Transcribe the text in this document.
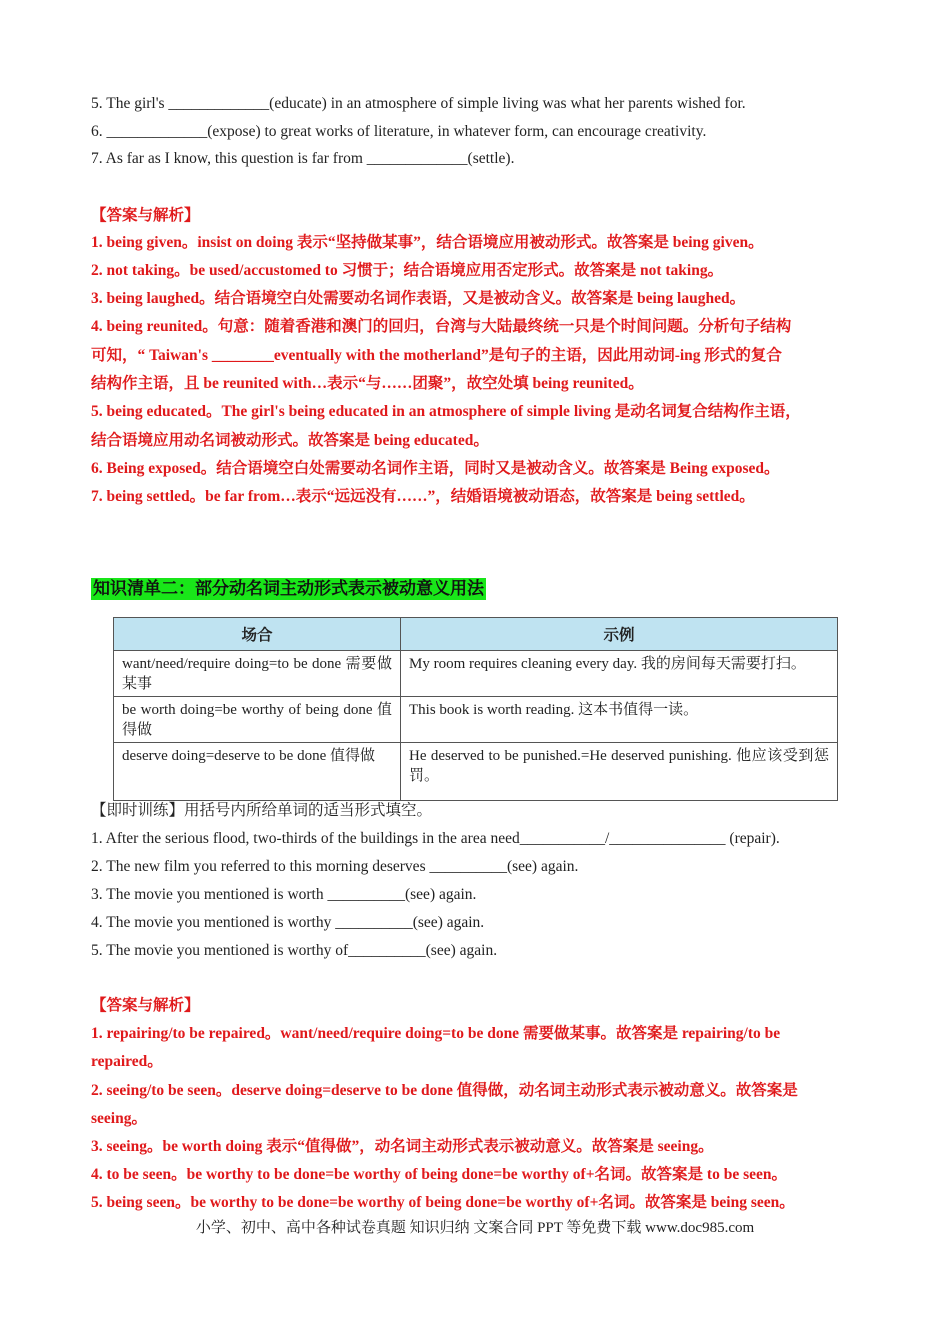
5. The girl's _____________(educate) in an atmosphere of simple living was what her parents wished for.
6. _____________(expose) to great works of literature, in whatever form, can encourage creativity.
7. As far as I know, this question is far from _____________(settle).
【答案与解析】
1. being given。insist on doing 表示“坚持做某事”，结合语境应用被动形式。故答案是 being given。
2. not taking。be used/accustomed to 习惯于；结合语境应用否定形式。故答案是 not taking。
3. being laughed。结合语境空白处需要动名词作表语，又是被动含义。故答案是 being laughed。
4. being reunited。句意：随着香港和澳门的回归，台湾与大陆最终统一只是个时间问题。分析句子结构
可知，“ Taiwan's ________eventually with the motherland”是句子的主语，因此用动词-ing 形式的复合
结构作主语，且 be reunited with…表示“与……团聚”，故空处填 being reunited。
5. being educated。The girl's being educated in an atmosphere of simple living 是动名词复合结构作主语，
结合语境应用动名词被动形式。故答案是 being educated。
6. Being exposed。结合语境空白处需要动名词作主语，同时又是被动含义。故答案是 Being exposed。
7. being settled。be far from…表示“远远没有……”，结婚语境被动语态，故答案是 being settled。
知识清单二：部分动名词主动形式表示被动意义用法
场合	示例
want/need/require doing=to be done 需要做某事	My room requires cleaning every day. 我的房间每天需要打扫。
be worth doing=be worthy of being done 值得做	This book is worth reading. 这本书值得一读。
deserve doing=deserve to be done 值得做	He deserved to be punished.=He deserved punishing. 他应该受到惩罚。
【即时训练】用括号内所给单词的适当形式填空。
1. After the serious flood, two-thirds of the buildings in the area need___________/_______________ (repair).
2. The new film you referred to this morning deserves __________(see) again.
3. The movie you mentioned is worth __________(see) again.
4. The movie you mentioned is worthy __________(see) again.
5. The movie you mentioned is worthy of__________(see) again.
【答案与解析】
1. repairing/to be repaired。want/need/require doing=to be done 需要做某事。故答案是 repairing/to be
repaired。
2. seeing/to be seen。deserve doing=deserve to be done 值得做，动名词主动形式表示被动意义。故答案是
seeing。
3. seeing。be worth doing 表示“值得做”，动名词主动形式表示被动意义。故答案是 seeing。
4. to be seen。be worthy to be done=be worthy of being done=be worthy of+名词。故答案是 to be seen。
5. being seen。be worthy to be done=be worthy of being done=be worthy of+名词。故答案是 being seen。
小学、初中、高中各种试卷真题 知识归纳 文案合同 PPT 等免费下载 www.doc985.com
